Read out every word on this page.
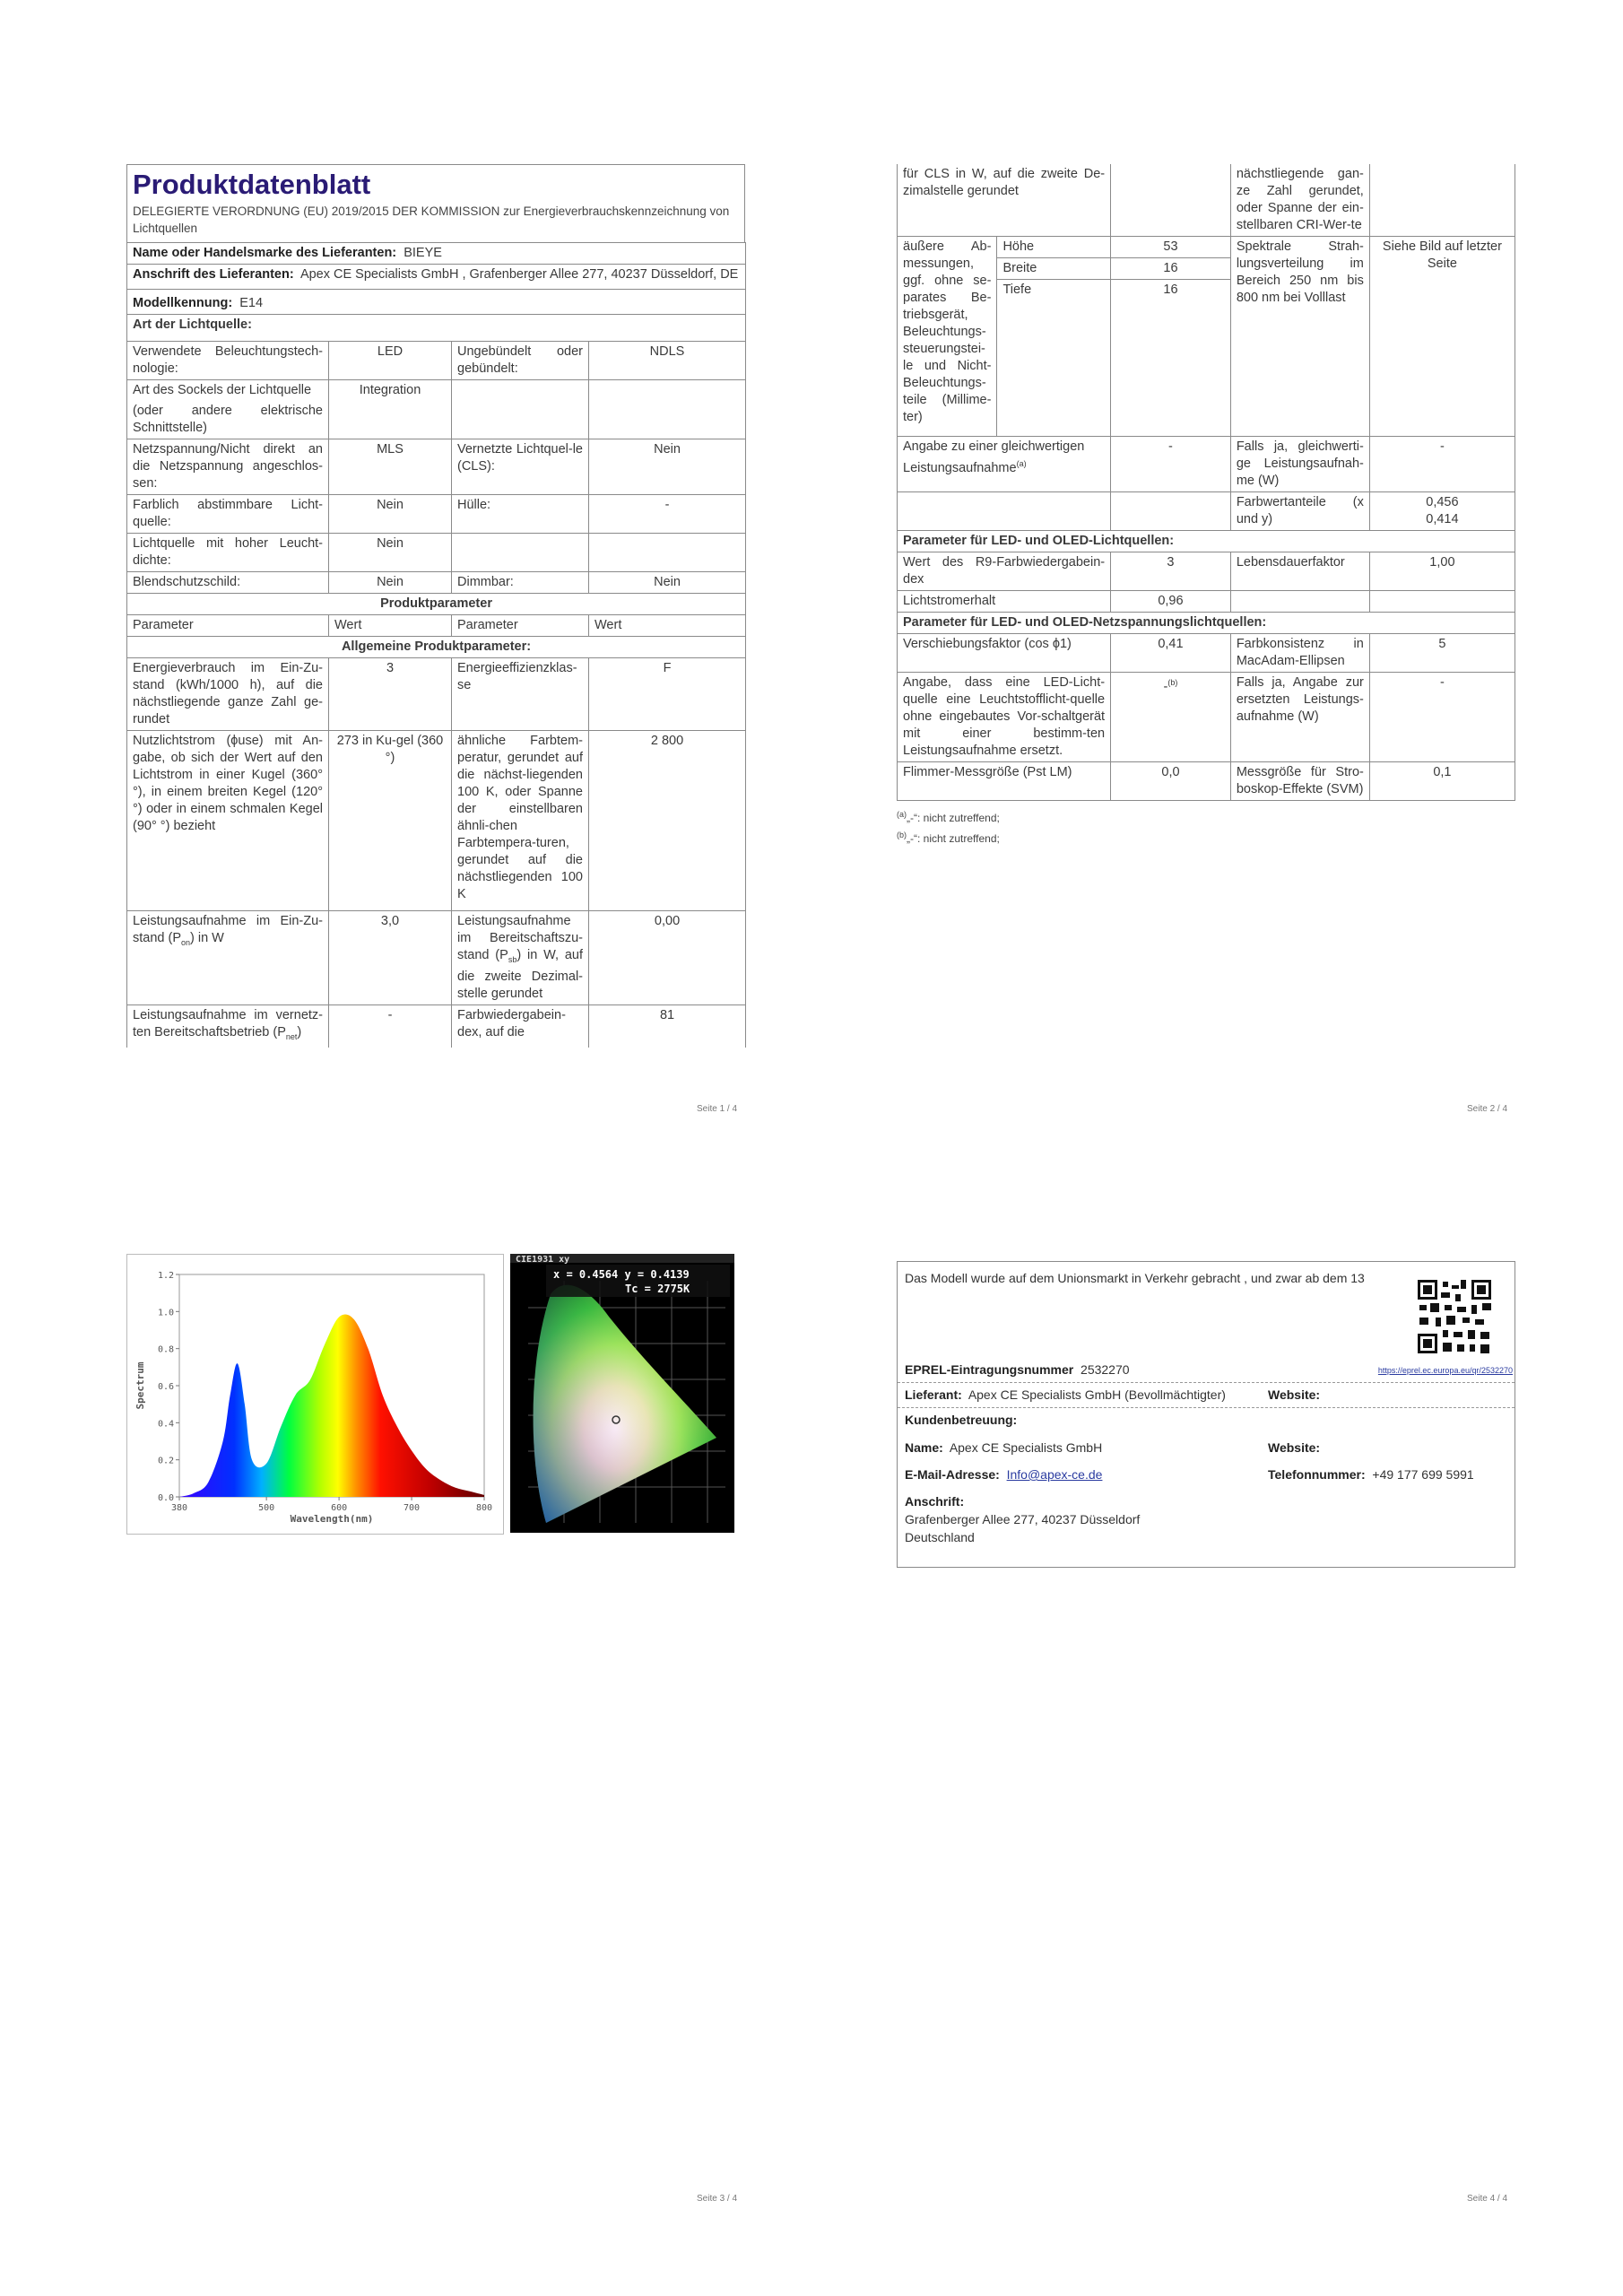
Produktdatenblatt
DELEGIERTE VERORDNUNG (EU) 2019/2015 DER KOMMISSION zur Energieverbrauchskennzeichnung von Lichtquellen
Name oder Handelsmarke des Lieferanten: BIEYE			
Anschrift des Lieferanten: Apex CE Specialists GmbH , Grafenberger Allee 277, 40237 Düsseldorf, DE			
Modellkennung: E14			
Art der Lichtquelle:			
Verwendete Beleuchtungstech-nologie:	LED	Ungebündelt oder gebündelt:	NDLS

Art des Sockels der Lichtquelle
(oder andere elektrische Schnittstelle)	Integration		
Netzspannung/Nicht direkt an die Netzspannung angeschlos-sen:	MLS	Vernetzte Lichtquel-le (CLS):	Nein
Farblich abstimmbare Licht-quelle:	Nein	Hülle:	-
Lichtquelle mit hoher Leucht-dichte:	Nein		
Blendschutzschild:	Nein	Dimmbar:	Nein
Produktparameter			
Parameter	Wert	Parameter	Wert
Allgemeine Produktparameter:			
Energieverbrauch im Ein-Zu-stand (kWh/1000 h), auf die nächstliegende ganze Zahl ge-rundet	3	Energieeffizienzklas-se	F
Nutzlichtstrom (ϕuse) mit An-gabe, ob sich der Wert auf den Lichtstrom in einer Kugel (360° °), in einem breiten Kegel (120° °) oder in einem schmalen Kegel (90° °) bezieht	273 in Ku-gel (360 °)	ähnliche Farbtem-peratur, gerundet auf die nächst-liegenden 100 K, oder Spanne der einstellbaren ähnli-chen Farbtempera-turen, gerundet auf die nächstliegenden 100 K	2 800
Leistungsaufnahme im Ein-Zu-stand $(P_{on})$ in W	3,0	Leistungsaufnahme im Bereitschaftszu-stand $(P_{sb})$ in W, auf die zweite Dezimal-stelle gerundet	0,00
Leistungsaufnahme im vernetz-ten Bereitschaftsbetrieb $(P_{net})$	-	Farbwiedergabein-dex, auf die	81
Seite 1 / 4
für CLS in W, auf die zweite De-zimalstelle gerundet			nächstliegende gan-ze Zahl gerundet, oder Spanne der ein-stellbaren CRI-Wer-te	
äußere Ab-messungen, ggf. ohne se-parates Be-triebsgerät, Beleuchtungs-steuerungstei-le und Nicht-Beleuchtungs-teile (Millime-ter)	Höhe	53	Spektrale Strah-lungsverteilung im Bereich 250 nm bis 800 nm bei Volllast	Siehe Bild auf letzter Seite
	Breite	16		
	Tiefe	16		
Angabe zu einer gleichwertigen Leistungsaufnahme$^{(a)}$		-	Falls ja, gleichwerti-ge Leistungsaufnah-me (W)	-
			Farbwertanteile (x und y)	0,456
0,414

Parameter für LED- und OLED-Lichtquellen:				
Wert des R9-Farbwiedergabein-dex		3	Lebensdauerfaktor	1,00
Lichtstromerhalt		0,96		
Parameter für LED- und OLED-Netzspannungslichtquellen:				
Verschiebungsfaktor (cos ϕ1)		0,41	Farbkonsistenz in MacAdam-Ellipsen	5
Angabe, dass eine LED-Licht-quelle eine Leuchtstofflicht-quelle ohne eingebautes Vor-schaltgerät mit einer bestimm-ten Leistungsaufnahme ersetzt.		-$^{(b)}$	Falls ja, Angabe zur ersetzten Leistungs-aufnahme (W)	-
Flimmer-Messgröße (Pst LM)		0,0	Messgröße für Stro-boskop-Effekte (SVM)	0,1
$^{(a)}$„-“: nicht zutreffend;
$^{(b)}$„-“: nicht zutreffend;
Seite 2 / 4
0.0
0.2
0.4
0.6
0.8
1.0
1.2
380	500	600	700	800
Wavelength(nm)
Spectrum
CIE1931 xy
x = 0.4564 y = 0.4139
Tc = 2775K
Seite 3 / 4
Das Modell wurde auf dem Unionsmarkt in Verkehr gebracht , und zwar ab dem 13
EPREL-Eintragungsnummer 2532270	https://eprel.ec.europa.eu/qr/2532270
Lieferant: Apex CE Specialists GmbH (Bevollmächtigter)	Website:
Kundenbetreuung:
Name: Apex CE Specialists GmbH	Website:
E-Mail-Adresse: Info@apex-ce.de	Telefonnummer: +49 177 699 5991
Anschrift:
Grafenberger Allee 277, 40237 Düsseldorf
Deutschland
Seite 4 / 4
